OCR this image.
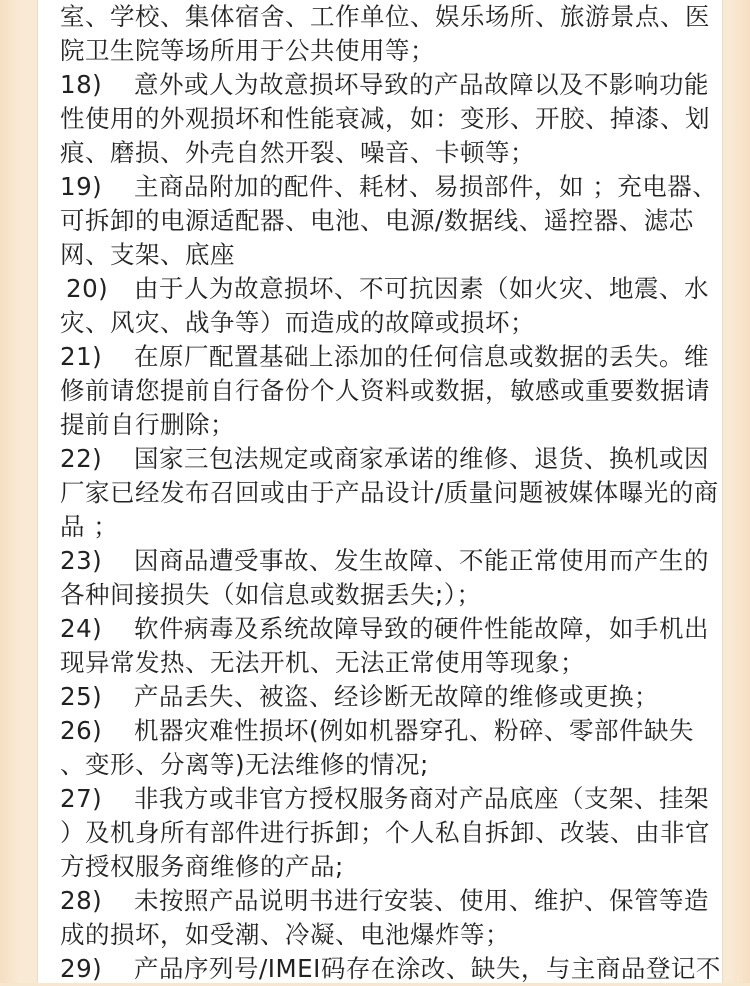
室、学校、集体宿舍、工作单位、娱乐场所、旅游景点、医
院卫生院等场所用于公共使用等；
18) 意外或人为故意损坏导致的产品故障以及不影响功能
性使用的外观损坏和性能衰减，如：变形、开胶、掉漆、划
痕、磨损、外壳自然开裂、噪音、卡顿等；
19) 主商品附加的配件、耗材、易损部件，如 ；充电器、
可拆卸的电源适配器、电池、电源/数据线、遥控器、滤芯
网、支架、底座
20) 由于人为故意损坏、不可抗因素（如火灾、地震、水
灾、风灾、战争等）而造成的故障或损坏；
21) 在原厂配置基础上添加的任何信息或数据的丢失。维
修前请您提前自行备份个人资料或数据，敏感或重要数据请
提前自行删除；
22) 国家三包法规定或商家承诺的维修、退货、换机或因
厂家已经发布召回或由于产品设计/质量问题被媒体曝光的商
品 ；
23) 因商品遭受事故、发生故障、不能正常使用而产生的
各种间接损失（如信息或数据丢失;）；
24) 软件病毒及系统故障导致的硬件性能故障，如手机出
现异常发热、无法开机、无法正常使用等现象；
25) 产品丢失、被盗、经诊断无故障的维修或更换；
26) 机器灾难性损坏(例如机器穿孔、粉碎、零部件缺失
、变形、分离等)无法维修的情况;
27) 非我方或非官方授权服务商对产品底座（支架、挂架
）及机身所有部件进行拆卸；个人私自拆卸、改装、由非官
方授权服务商维修的产品;
28) 未按照产品说明书进行安装、使用、维护、保管等造
成的损坏，如受潮、冷凝、电池爆炸等；
29) 产品序列号/IMEI码存在涂改、缺失，与主商品登记不
